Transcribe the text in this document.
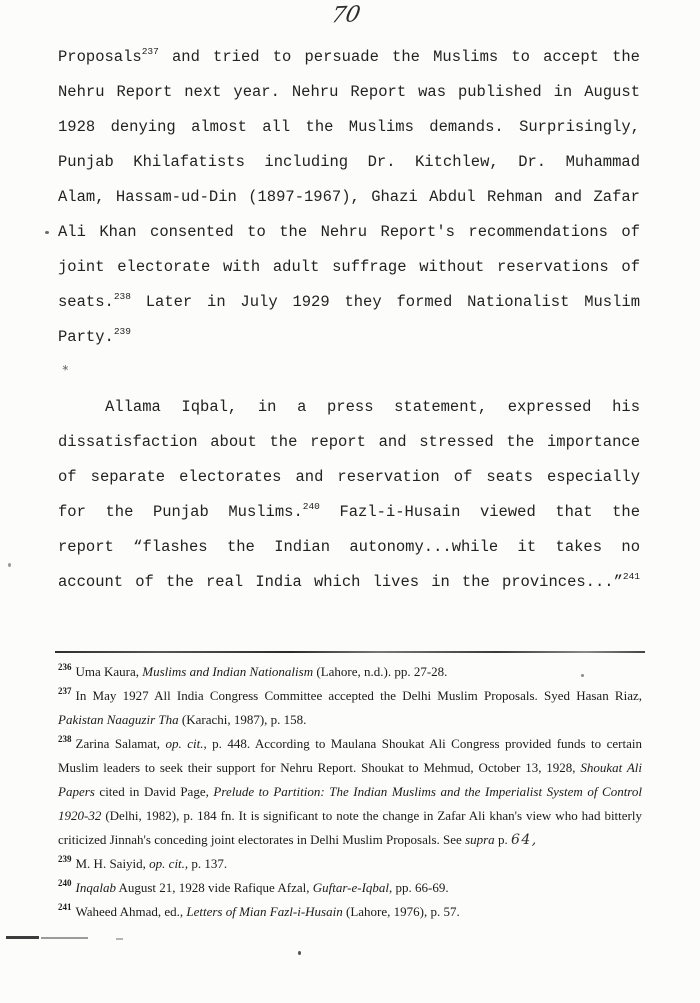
70
Proposals$^{237}$ and tried to persuade the Muslims to accept the
Nehru Report next year. Nehru Report was published in August
1928 denying almost all the Muslims demands. Surprisingly,
Punjab Khilafatists including Dr. Kitchlew, Dr. Muhammad
Alam, Hassam-ud-Din (1897-1967), Ghazi Abdul Rehman and Zafar
Ali Khan consented to the Nehru Report's recommendations of
joint electorate with adult suffrage without reservations of
seats.$^{238}$ Later in July 1929 they formed Nationalist Muslim
Party.$^{239}$
Allama Iqbal, in a press statement, expressed his
dissatisfaction about the report and stressed the importance
of separate electorates and reservation of seats especially
for the Punjab Muslims.$^{240}$ Fazl-i-Husain viewed that the
report “flashes the Indian autonomy...while it takes no
account of the real India which lives in the provinces...”$^{241}$

$^{236}$ Uma Kaura, Muslims and Indian Nationalism (Lahore, n.d.). pp. 27-28.

$^{237}$ In May 1927 All India Congress Committee accepted the Delhi Muslim Proposals. Syed Hasan Riaz, Pakistan Naaguzir Tha (Karachi, 1987), p. 158.

$^{238}$ Zarina Salamat, op. cit., p. 448. According to Maulana Shoukat Ali Congress provided funds to certain Muslim leaders to seek their support for Nehru Report. Shoukat to Mehmud, October 13, 1928, Shoukat Ali Papers cited in David Page, Prelude to Partition: The Indian Muslims and the Imperialist System of Control 1920-32 (Delhi, 1982), p. 184 fn. It is significant to note the change in Zafar Ali khan's view who had bitterly criticized Jinnah's conceding joint electorates in Delhi Muslim Proposals. See supra p. 64,

$^{239}$ M. H. Saiyid, op. cit., p. 137.

$^{240}$ Inqalab August 21, 1928 vide Rafique Afzal, Guftar-e-Iqbal, pp. 66-69.

$^{241}$ Waheed Ahmad, ed., Letters of Mian Fazl-i-Husain (Lahore, 1976), p. 57.

*
